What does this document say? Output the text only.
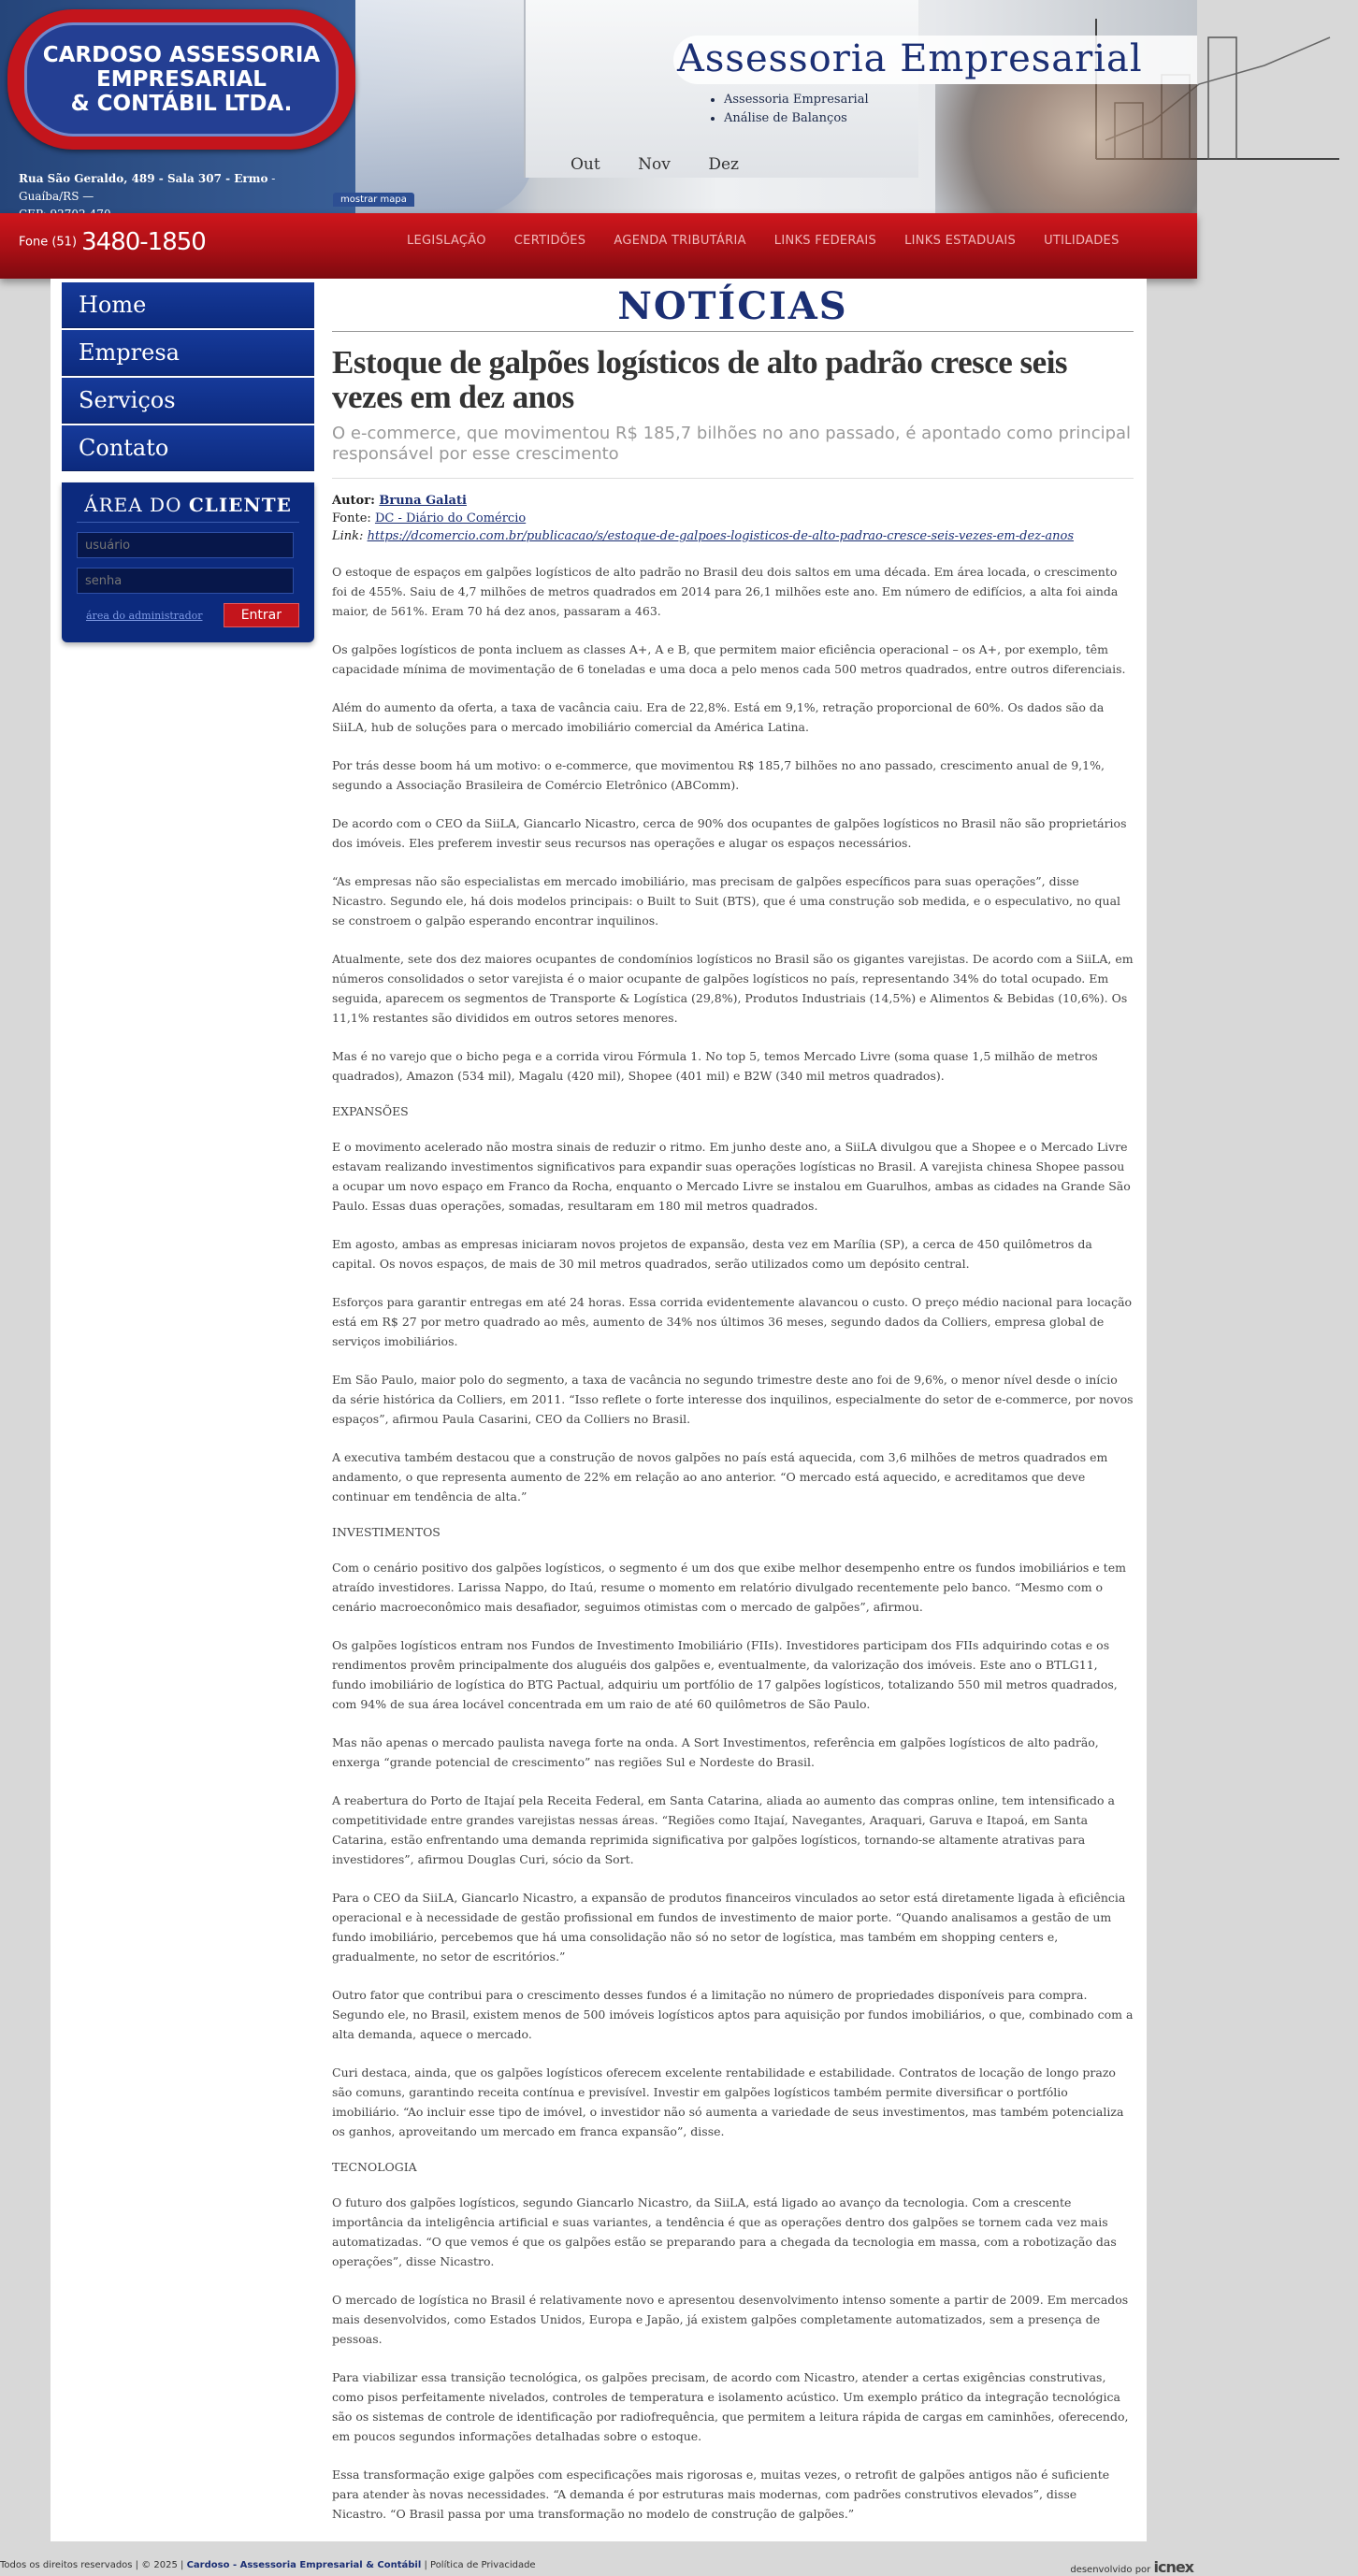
Out Nov Dez
CARDOSO ASSESSORIA
EMPRESARIAL
& CONTÁBIL LTDA.
Assessoria Empresarial
• Assessoria Empresarial
• Análise de Balanços
Rua São Geraldo, 489 - Sala 307 - Ermo - Guaíba/RS —	mostrar mapa
Fone (51) 3480-1850	LEGISLAÇÃO	CERTIDÕES	AGENDA TRIBUTÁRIA	LINKS FEDERAIS	LINKS ESTADUAIS	UTILIDADES
Home
Empresa
Serviços
Contato
ÁREA DO CLIENTE
usuário
área do administrador	Entrar
NOTÍCIAS
Estoque de galpões logísticos de alto padrão cresce seis vezes em dez anos

O e-commerce, que movimentou R$ 185,7 bilhões no ano passado, é apontado como principal responsável por esse crescimento

Autor: Bruna Galati
Fonte: DC - Diário do Comércio
Link: https://dcomercio.com.br/publicacao/s/estoque-de-galpoes-logisticos-de-alto-padrao-cresce-seis-vezes-em-dez-anos

O estoque de espaços em galpões logísticos de alto padrão no Brasil deu dois saltos em uma década. Em área locada, o crescimento foi de 455%. Saiu de 4,7 milhões de metros quadrados em 2014 para 26,1 milhões este ano. Em número de edifícios, a alta foi ainda maior, de 561%. Eram 70 há dez anos, passaram a 463.

Os galpões logísticos de ponta incluem as classes A+, A e B, que permitem maior eficiência operacional – os A+, por exemplo, têm capacidade mínima de movimentação de 6 toneladas e uma doca a pelo menos cada 500 metros quadrados, entre outros diferenciais.

Além do aumento da oferta, a taxa de vacância caiu. Era de 22,8%. Está em 9,1%, retração proporcional de 60%. Os dados são da SiiLA, hub de soluções para o mercado imobiliário comercial da América Latina.

Por trás desse boom há um motivo: o e-commerce, que movimentou R$ 185,7 bilhões no ano passado, crescimento anual de 9,1%, segundo a Associação Brasileira de Comércio Eletrônico (ABComm).

De acordo com o CEO da SiiLA, Giancarlo Nicastro, cerca de 90% dos ocupantes de galpões logísticos no Brasil não são proprietários dos imóveis. Eles preferem investir seus recursos nas operações e alugar os espaços necessários.

“As empresas não são especialistas em mercado imobiliário, mas precisam de galpões específicos para suas operações”, disse Nicastro. Segundo ele, há dois modelos principais: o Built to Suit (BTS), que é uma construção sob medida, e o especulativo, no qual se constroem o galpão esperando encontrar inquilinos.

Atualmente, sete dos dez maiores ocupantes de condomínios logísticos no Brasil são os gigantes varejistas. De acordo com a SiiLA, em números consolidados o setor varejista é o maior ocupante de galpões logísticos no país, representando 34% do total ocupado. Em seguida, aparecem os segmentos de Transporte & Logística (29,8%), Produtos Industriais (14,5%) e Alimentos & Bebidas (10,6%). Os 11,1% restantes são divididos em outros setores menores.

Mas é no varejo que o bicho pega e a corrida virou Fórmula 1. No top 5, temos Mercado Livre (soma quase 1,5 milhão de metros quadrados), Amazon (534 mil), Magalu (420 mil), Shopee (401 mil) e B2W (340 mil metros quadrados).

EXPANSÕES

E o movimento acelerado não mostra sinais de reduzir o ritmo. Em junho deste ano, a SiiLA divulgou que a Shopee e o Mercado Livre estavam realizando investimentos significativos para expandir suas operações logísticas no Brasil. A varejista chinesa Shopee passou a ocupar um novo espaço em Franco da Rocha, enquanto o Mercado Livre se instalou em Guarulhos, ambas as cidades na Grande São Paulo. Essas duas operações, somadas, resultaram em 180 mil metros quadrados.

Em agosto, ambas as empresas iniciaram novos projetos de expansão, desta vez em Marília (SP), a cerca de 450 quilômetros da capital. Os novos espaços, de mais de 30 mil metros quadrados, serão utilizados como um depósito central.

Esforços para garantir entregas em até 24 horas. Essa corrida evidentemente alavancou o custo. O preço médio nacional para locação está em R$ 27 por metro quadrado ao mês, aumento de 34% nos últimos 36 meses, segundo dados da Colliers, empresa global de serviços imobiliários.

Em São Paulo, maior polo do segmento, a taxa de vacância no segundo trimestre deste ano foi de 9,6%, o menor nível desde o início da série histórica da Colliers, em 2011. “Isso reflete o forte interesse dos inquilinos, especialmente do setor de e-commerce, por novos espaços”, afirmou Paula Casarini, CEO da Colliers no Brasil.

A executiva também destacou que a construção de novos galpões no país está aquecida, com 3,6 milhões de metros quadrados em andamento, o que representa aumento de 22% em relação ao ano anterior. “O mercado está aquecido, e acreditamos que deve continuar em tendência de alta.”

INVESTIMENTOS

Com o cenário positivo dos galpões logísticos, o segmento é um dos que exibe melhor desempenho entre os fundos imobiliários e tem atraído investidores. Larissa Nappo, do Itaú, resume o momento em relatório divulgado recentemente pelo banco. “Mesmo com o cenário macroeconômico mais desafiador, seguimos otimistas com o mercado de galpões”, afirmou.

Os galpões logísticos entram nos Fundos de Investimento Imobiliário (FIIs). Investidores participam dos FIIs adquirindo cotas e os rendimentos provêm principalmente dos aluguéis dos galpões e, eventualmente, da valorização dos imóveis. Este ano o BTLG11, fundo imobiliário de logística do BTG Pactual, adquiriu um portfólio de 17 galpões logísticos, totalizando 550 mil metros quadrados, com 94% de sua área locável concentrada em um raio de até 60 quilômetros de São Paulo.

Mas não apenas o mercado paulista navega forte na onda. A Sort Investimentos, referência em galpões logísticos de alto padrão, enxerga “grande potencial de crescimento” nas regiões Sul e Nordeste do Brasil.

A reabertura do Porto de Itajaí pela Receita Federal, em Santa Catarina, aliada ao aumento das compras online, tem intensificado a competitividade entre grandes varejistas nessas áreas. “Regiões como Itajaí, Navegantes, Araquari, Garuva e Itapoá, em Santa Catarina, estão enfrentando uma demanda reprimida significativa por galpões logísticos, tornando-se altamente atrativas para investidores”, afirmou Douglas Curi, sócio da Sort.

Para o CEO da SiiLA, Giancarlo Nicastro, a expansão de produtos financeiros vinculados ao setor está diretamente ligada à eficiência operacional e à necessidade de gestão profissional em fundos de investimento de maior porte. “Quando analisamos a gestão de um fundo imobiliário, percebemos que há uma consolidação não só no setor de logística, mas também em shopping centers e, gradualmente, no setor de escritórios.”

Outro fator que contribui para o crescimento desses fundos é a limitação no número de propriedades disponíveis para compra. Segundo ele, no Brasil, existem menos de 500 imóveis logísticos aptos para aquisição por fundos imobiliários, o que, combinado com a alta demanda, aquece o mercado.

Curi destaca, ainda, que os galpões logísticos oferecem excelente rentabilidade e estabilidade. Contratos de locação de longo prazo são comuns, garantindo receita contínua e previsível. Investir em galpões logísticos também permite diversificar o portfólio imobiliário. “Ao incluir esse tipo de imóvel, o investidor não só aumenta a variedade de seus investimentos, mas também potencializa os ganhos, aproveitando um mercado em franca expansão”, disse.

TECNOLOGIA

O futuro dos galpões logísticos, segundo Giancarlo Nicastro, da SiiLA, está ligado ao avanço da tecnologia. Com a crescente importância da inteligência artificial e suas variantes, a tendência é que as operações dentro dos galpões se tornem cada vez mais automatizadas. “O que vemos é que os galpões estão se preparando para a chegada da tecnologia em massa, com a robotização das operações”, disse Nicastro.

O mercado de logística no Brasil é relativamente novo e apresentou desenvolvimento intenso somente a partir de 2009. Em mercados mais desenvolvidos, como Estados Unidos, Europa e Japão, já existem galpões completamente automatizados, sem a presença de pessoas.

Para viabilizar essa transição tecnológica, os galpões precisam, de acordo com Nicastro, atender a certas exigências construtivas, como pisos perfeitamente nivelados, controles de temperatura e isolamento acústico. Um exemplo prático da integração tecnológica são os sistemas de controle de identificação por radiofrequência, que permitem a leitura rápida de cargas em caminhões, oferecendo, em poucos segundos informações detalhadas sobre o estoque.

Essa transformação exige galpões com especificações mais rigorosas e, muitas vezes, o retrofit de galpões antigos não é suficiente para atender às novas necessidades. “A demanda é por estruturas mais modernas, com padrões construtivos elevados”, disse Nicastro. “O Brasil passa por uma transformação no modelo de construção de galpões.”

Todos os direitos reservados | © 2025 | Cardoso - Assessoria Empresarial & Contábil | Política de Privacidade	desenvolvido por icnex
